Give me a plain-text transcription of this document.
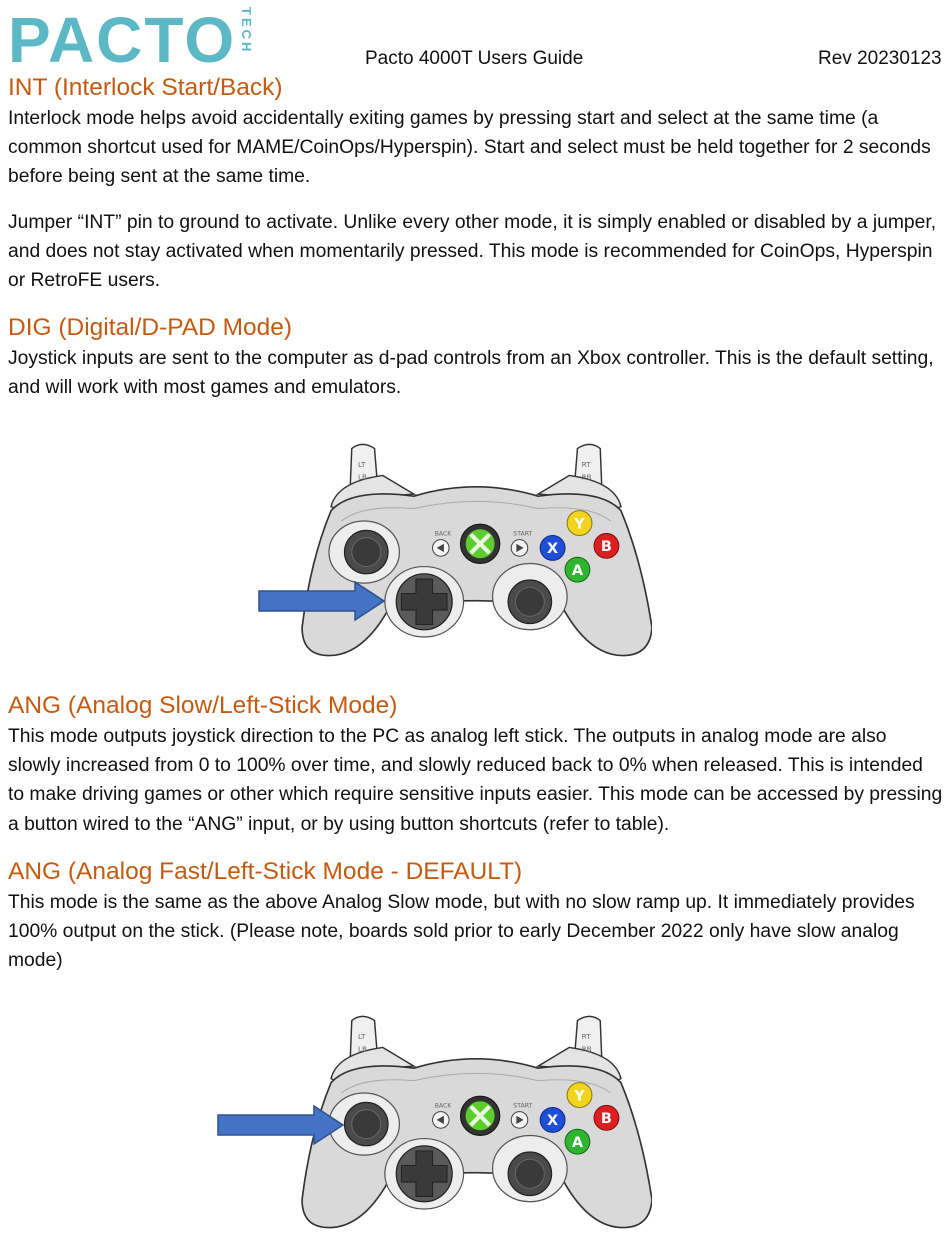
PACTO TECH
Pacto 4000T Users Guide	Rev 20230123
INT (Interlock Start/Back)

Interlock mode helps avoid accidentally exiting games by pressing start and select at the same time (a common shortcut used for MAME/CoinOps/Hyperspin). Start and select must be held together for 2 seconds before being sent at the same time.

Jumper “INT” pin to ground to activate. Unlike every other mode, it is simply enabled or disabled by a jumper, and does not stay activated when momentarily pressed. This mode is recommended for CoinOps, Hyperspin or RetroFE users.

DIG (Digital/D-PAD Mode)

Joystick inputs are sent to the computer as d-pad controls from an Xbox controller. This is the default setting, and will work with most games and emulators.

BACK	START
LT	RT
LB	RB
Y
X	B
A
ANG (Analog Slow/Left-Stick Mode)

This mode outputs joystick direction to the PC as analog left stick. The outputs in analog mode are also slowly increased from 0 to 100% over time, and slowly reduced back to 0% when released. This is intended to make driving games or other which require sensitive inputs easier. This mode can be accessed by pressing a button wired to the “ANG” input, or by using button shortcuts (refer to table).

ANG (Analog Fast/Left-Stick Mode - DEFAULT)

This mode is the same as the above Analog Slow mode, but with no slow ramp up. It immediately provides 100% output on the stick. (Please note, boards sold prior to early December 2022 only have slow analog mode)

BACK	START
LT	RT
LB	RB
Y
X	B
A
